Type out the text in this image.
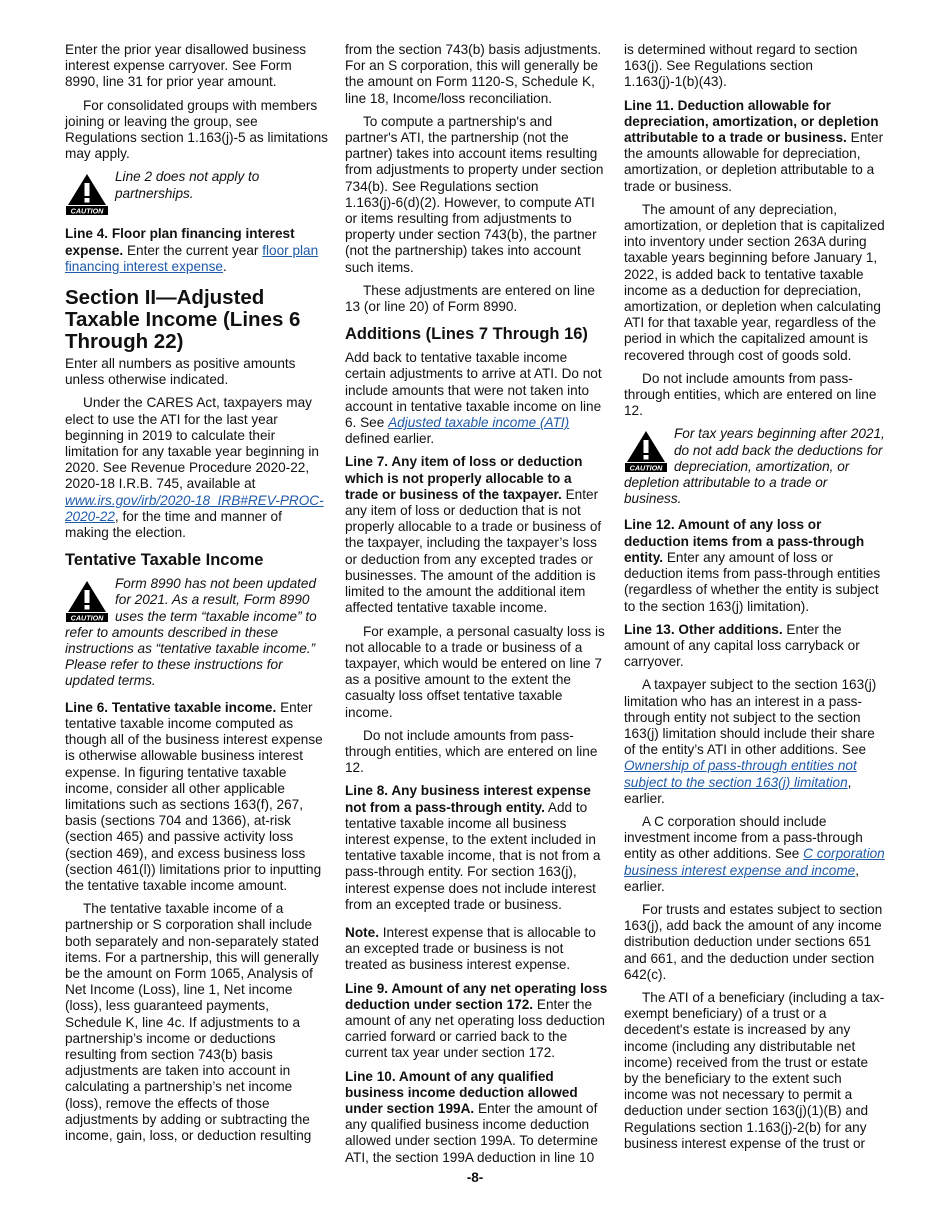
Enter the prior year disallowed business interest expense carryover. See Form 8990, line 31 for prior year amount.

For consolidated groups with members joining or leaving the group, see Regulations section 1.163(j)-5 as limitations may apply.

CAUTION
Line 2 does not apply to partnerships.

Line 4. Floor plan financing interest expense. Enter the current year floor plan financing interest expense.

Section II—Adjusted Taxable Income (Lines 6 Through 22)

Enter all numbers as positive amounts unless otherwise indicated.

Under the CARES Act, taxpayers may elect to use the ATI for the last year beginning in 2019 to calculate their limitation for any taxable year beginning in 2020. See Revenue Procedure 2020-22, 2020-18 I.R.B. 745, available at www.irs.gov/irb/2020-18_IRB#REV-PROC-2020-22, for the time and manner of making the election.

Tentative Taxable Income
CAUTION
Form 8990 has not been updated for 2021. As a result, Form 8990 uses the term “taxable income” to refer to amounts described in these instructions as “tentative taxable income.” Please refer to these instructions for updated terms.

Line 6. Tentative taxable income. Enter tentative taxable income computed as though all of the business interest expense is otherwise allowable business interest expense. In figuring tentative taxable income, consider all other applicable limitations such as sections 163(f), 267, basis (sections 704 and 1366), at-risk (section 465) and passive activity loss (section 469), and excess business loss (section 461(l)) limitations prior to inputting the tentative taxable income amount.

The tentative taxable income of a partnership or S corporation shall include both separately and non-separately stated items. For a partnership, this will generally be the amount on Form 1065, Analysis of Net Income (Loss), line 1, Net income (loss), less guaranteed payments, Schedule K, line 4c. If adjustments to a partnership’s income or deductions resulting from section 743(b) basis adjustments are taken into account in calculating a partnership’s net income (loss), remove the effects of those adjustments by adding or subtracting the income, gain, loss, or deduction resulting

from the section 743(b) basis adjustments. For an S corporation, this will generally be the amount on Form 1120-S, Schedule K, line 18, Income/loss reconciliation.

To compute a partnership's and partner's ATI, the partnership (not the partner) takes into account items resulting from adjustments to property under section 734(b). See Regulations section 1.163(j)-6(d)(2). However, to compute ATI or items resulting from adjustments to property under section 743(b), the partner (not the partnership) takes into account such items.

These adjustments are entered on line 13 (or line 20) of Form 8990.

Additions (Lines 7 Through 16)

Add back to tentative taxable income certain adjustments to arrive at ATI. Do not include amounts that were not taken into account in tentative taxable income on line 6. See Adjusted taxable income (ATI) defined earlier.

Line 7. Any item of loss or deduction which is not properly allocable to a trade or business of the taxpayer. Enter any item of loss or deduction that is not properly allocable to a trade or business of the taxpayer, including the taxpayer’s loss or deduction from any excepted trades or businesses. The amount of the addition is limited to the amount the additional item affected tentative taxable income.

For example, a personal casualty loss is not allocable to a trade or business of a taxpayer, which would be entered on line 7 as a positive amount to the extent the casualty loss offset tentative taxable income.

Do not include amounts from pass-through entities, which are entered on line 12.

Line 8. Any business interest expense not from a pass-through entity. Add to tentative taxable income all business interest expense, to the extent included in tentative taxable income, that is not from a pass-through entity. For section 163(j), interest expense does not include interest from an excepted trade or business.

Note. Interest expense that is allocable to an excepted trade or business is not treated as business interest expense.

Line 9. Amount of any net operating loss deduction under section 172. Enter the amount of any net operating loss deduction carried forward or carried back to the current tax year under section 172.

Line 10. Amount of any qualified business income deduction allowed under section 199A. Enter the amount of any qualified business income deduction allowed under section 199A. To determine ATI, the section 199A deduction in line 10

is determined without regard to section 163(j). See Regulations section 1.163(j)-1(b)(43).

Line 11. Deduction allowable for depreciation, amortization, or depletion attributable to a trade or business. Enter the amounts allowable for depreciation, amortization, or depletion attributable to a trade or business.

The amount of any depreciation, amortization, or depletion that is capitalized into inventory under section 263A during taxable years beginning before January 1, 2022, is added back to tentative taxable income as a deduction for depreciation, amortization, or depletion when calculating ATI for that taxable year, regardless of the period in which the capitalized amount is recovered through cost of goods sold.

Do not include amounts from pass-through entities, which are entered on line 12.

CAUTION
For tax years beginning after 2021, do not add back the deductions for depreciation, amortization, or depletion attributable to a trade or business.

Line 12. Amount of any loss or deduction items from a pass-through entity. Enter any amount of loss or deduction items from pass-through entities (regardless of whether the entity is subject to the section 163(j) limitation).

Line 13. Other additions. Enter the amount of any capital loss carryback or carryover.

A taxpayer subject to the section 163(j) limitation who has an interest in a pass-through entity not subject to the section 163(j) limitation should include their share of the entity’s ATI in other additions. See Ownership of pass-through entities not subject to the section 163(j) limitation, earlier.

A C corporation should include investment income from a pass-through entity as other additions. See C corporation business interest expense and income, earlier.

For trusts and estates subject to section 163(j), add back the amount of any income distribution deduction under sections 651 and 661, and the deduction under section 642(c).

The ATI of a beneficiary (including a tax-exempt beneficiary) of a trust or a decedent's estate is increased by any income (including any distributable net income) received from the trust or estate by the beneficiary to the extent such income was not necessary to permit a deduction under section 163(j)(1)(B) and Regulations section 1.163(j)-2(b) for any business interest expense of the trust or

-8-
